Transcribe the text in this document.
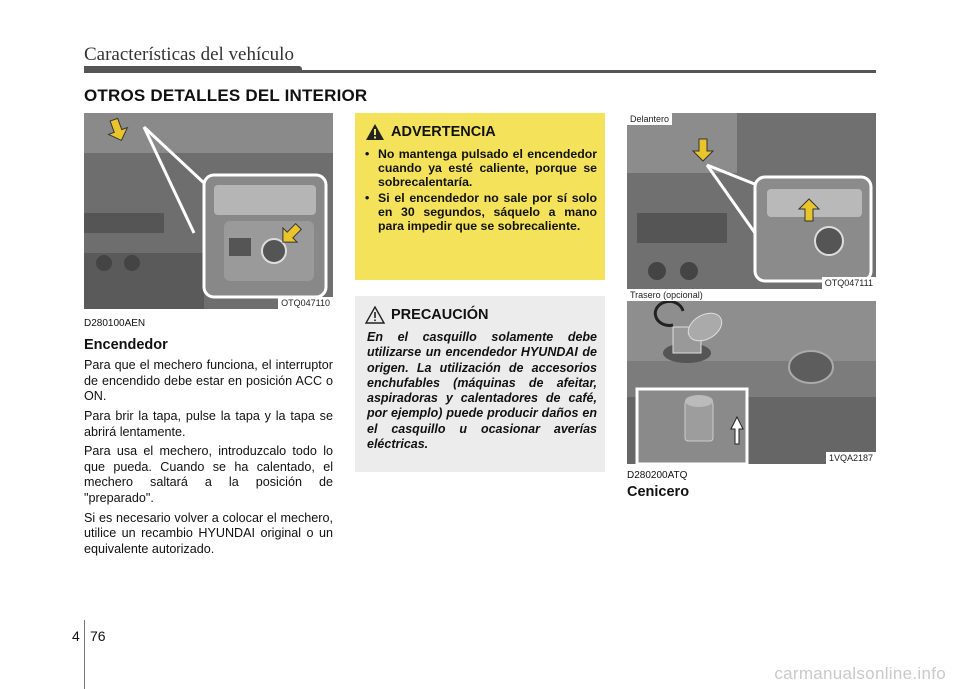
Características del vehículo
OTROS DETALLES DEL INTERIOR
OTQ047110
D280100AEN
Encendedor

Para que el mechero funciona, el interruptor de encendido debe estar en posición ACC o ON.

Para brir la tapa, pulse la tapa y la tapa se abrirá lentamente.

Para usa el mechero, introduzcalo todo lo que pueda. Cuando se ha calentado, el mechero saltará a la posición de "preparado".

Si es necesario volver a colocar el mechero, utilice un recambio HYUNDAI original o un equivalente autorizado.

ADVERTENCIA
• No mantenga pulsado el encendedor cuando ya esté caliente, porque se sobrecalentaría.
• Si el encendedor no sale por sí solo en 30 segundos, sáquelo a mano para impedir que se sobrecaliente.
PRECAUCIÓN

En el casquillo solamente debe utilizarse un encendedor HYUNDAI de origen. La utilización de accesorios enchufables (máquinas de afeitar, aspiradoras y calentadores de café, por ejemplo) puede producir daños en el casquillo u ocasionar averías eléctricas.

Delantero
OTQ047111
Trasero (opcional)
1VQA2187
D280200ATQ
Cenicero
4 76
carmanualsonline.info
